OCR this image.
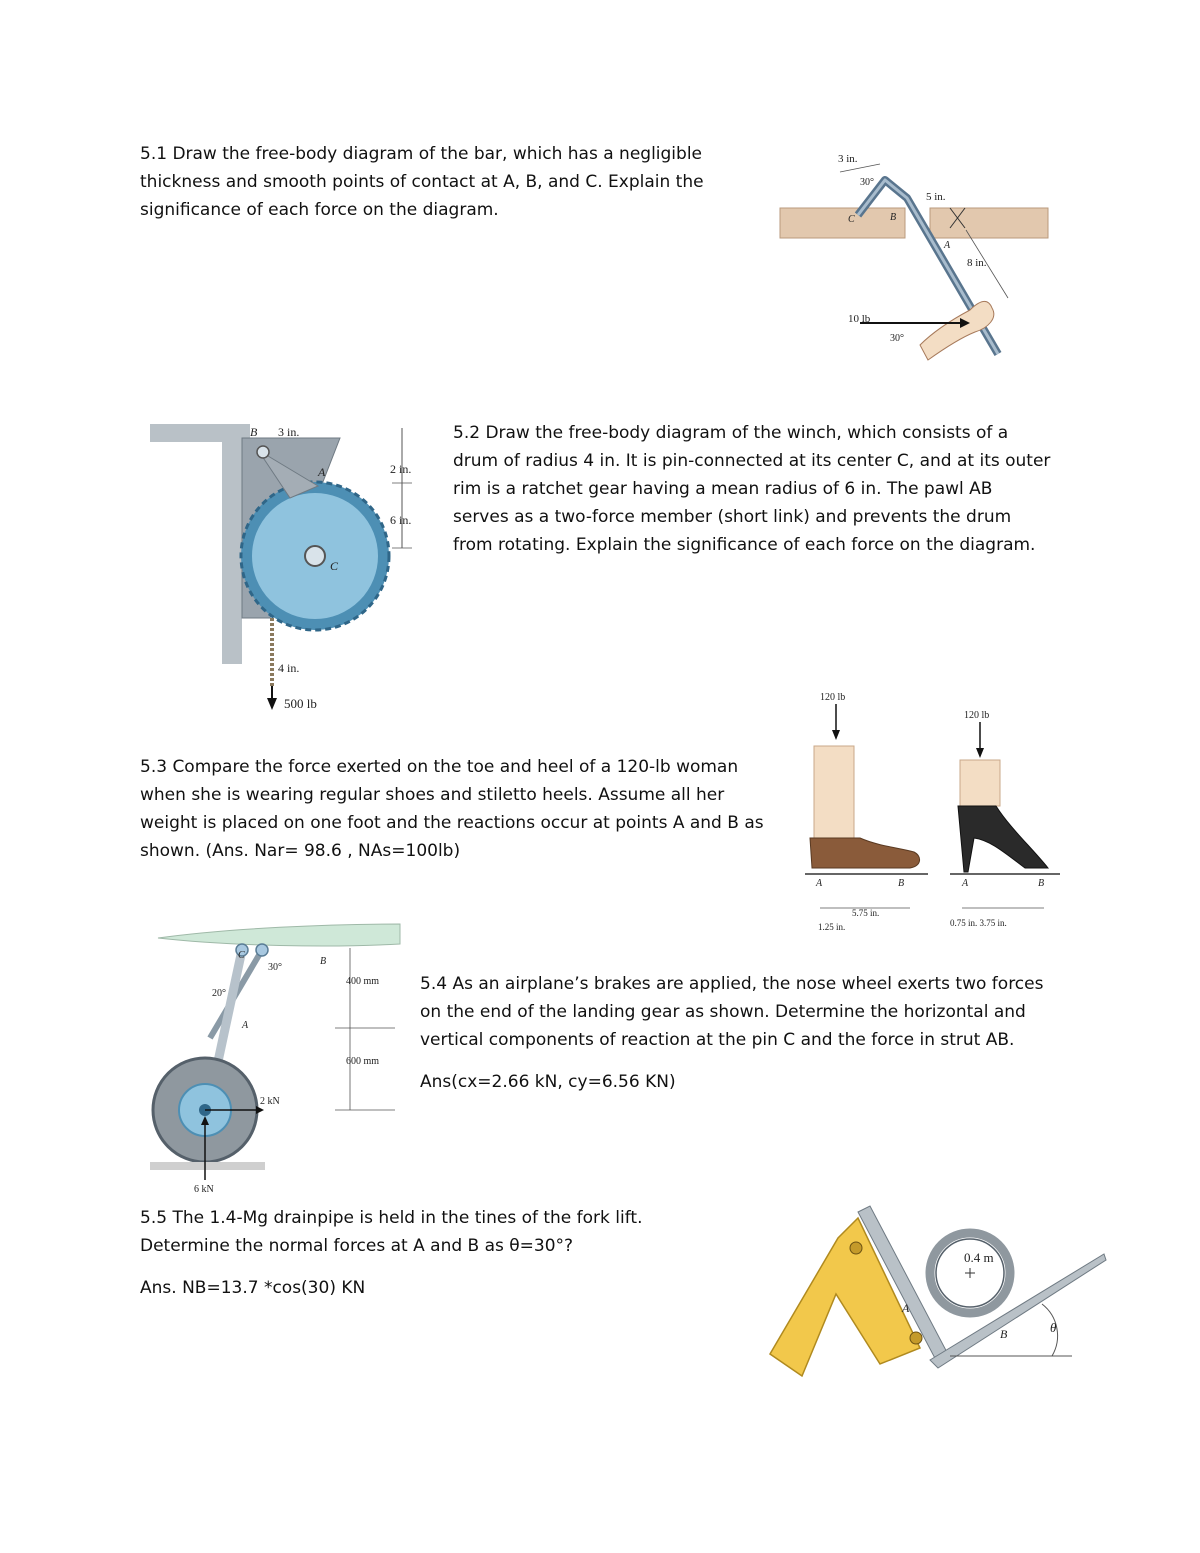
5.1 Draw the free-body diagram of the bar, which has a negligible thickness and smooth points of contact at A, B, and C. Explain the significance of each force on the diagram.

3 in.
30°
C	B
5 in.
A
8 in.
10 lb
30°
B 3 in.
A	2 in.
6 in.
C
4 in.
500 lb

5.2 Draw the free-body diagram of the winch, which consists of a drum of radius 4 in. It is pin-connected at its center C, and at its outer rim is a ratchet gear having a mean radius of 6 in. The pawl AB serves as a two-force member (short link) and prevents the drum from rotating. Explain the significance of each force on the diagram.

5.3 Compare the force exerted on the toe and heel of a 120-lb woman when she is wearing regular shoes and stiletto heels. Assume all her weight is placed on one foot and the reactions occur at points A and B as shown. (Ans. Nar= 98.6 , NAs=100lb)

120 lb
120 lb
A	B	A	B
5.75 in.
1.25 in.	0.75 in. 3.75 in.
C
30°
B
20°
400 mm
A
600 mm
2 kN
6 kN

5.4 As an airplane’s brakes are applied, the nose wheel exerts two forces on the end of the landing gear as shown. Determine the horizontal and vertical components of reaction at the pin C and the force in strut AB.

Ans(cx=2.66 kN, cy=6.56 KN)

5.5 The 1.4-Mg drainpipe is held in the tines of the fork lift. Determine the normal forces at A and B as θ=30°?

Ans. NB=13.7 *cos(30) KN

0.4 m
A
B	θ
